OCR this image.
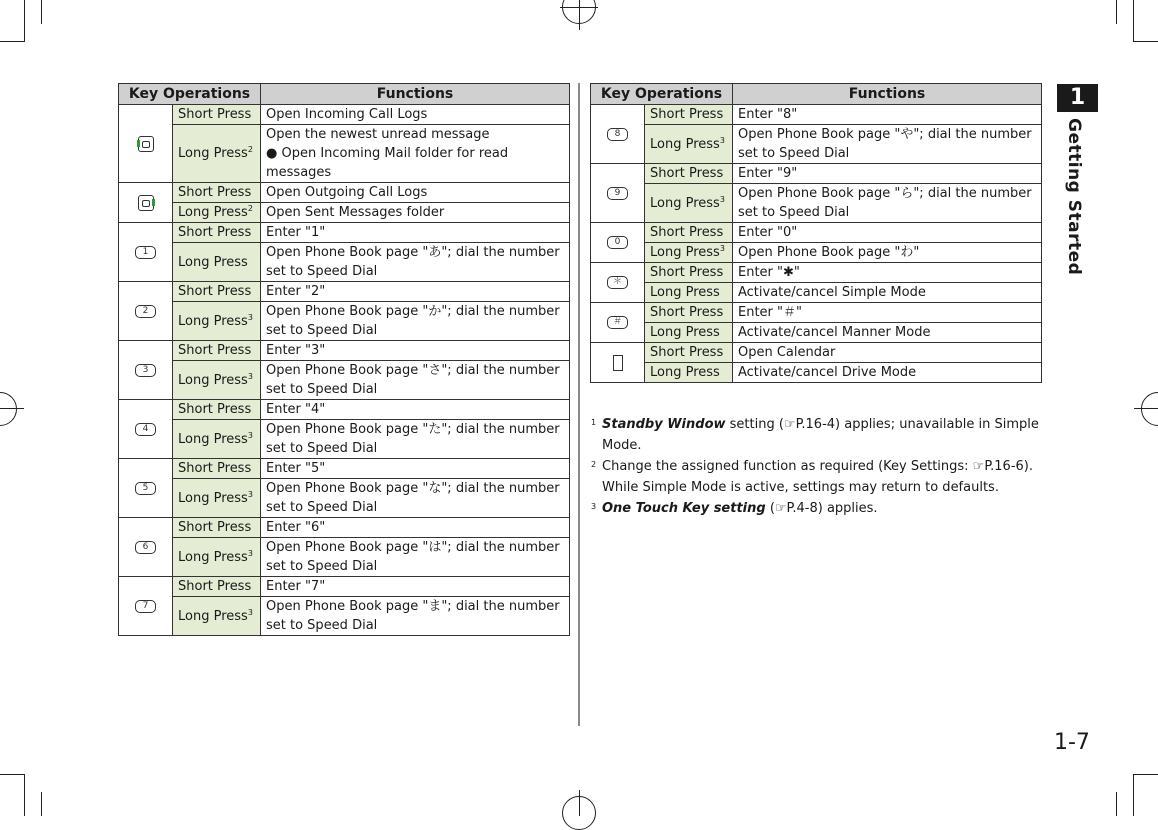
Key Operations		Functions
	Short Press	Open Incoming Call Logs
	Long Press$^2$	Open the newest unread message
● Open Incoming Mail folder for read messages
	Short Press	Open Outgoing Call Logs
	Long Press$^2$	Open Sent Messages folder
1	Short Press	Enter "1"
	Long Press	Open Phone Book page "あ"; dial the number set to Speed Dial
2	Short Press	Enter "2"
	Long Press$^3$	Open Phone Book page "か"; dial the number set to Speed Dial
3	Short Press	Enter "3"
	Long Press$^3$	Open Phone Book page "さ"; dial the number set to Speed Dial
4	Short Press	Enter "4"
	Long Press$^3$	Open Phone Book page "た"; dial the number set to Speed Dial
5	Short Press	Enter "5"
	Long Press$^3$	Open Phone Book page "な"; dial the number set to Speed Dial
6	Short Press	Enter "6"
	Long Press$^3$	Open Phone Book page "は"; dial the number set to Speed Dial
7	Short Press	Enter "7"
	Long Press$^3$	Open Phone Book page "ま"; dial the number set to Speed Dial
Key Operations		Functions
8	Short Press	Enter "8"
	Long Press$^3$	Open Phone Book page "や"; dial the number set to Speed Dial
9	Short Press	Enter "9"
	Long Press$^3$	Open Phone Book page "ら"; dial the number set to Speed Dial
0	Short Press	Enter "0"
	Long Press$^3$	Open Phone Book page "わ"
＊	Short Press	Enter "✱"
	Long Press	Activate/cancel Simple Mode
＃	Short Press	Enter "＃"
	Long Press	Activate/cancel Manner Mode
	Short Press	Open Calendar
	Long Press	Activate/cancel Drive Mode
1 Standby Window setting (☞P.16-4) applies; unavailable in Simple Mode.
2 Change the assigned function as required (Key Settings: ☞P.16-6).
While Simple Mode is active, settings may return to defaults.
3 One Touch Key setting (☞P.4-8) applies.
1
Getting Started
1-7
